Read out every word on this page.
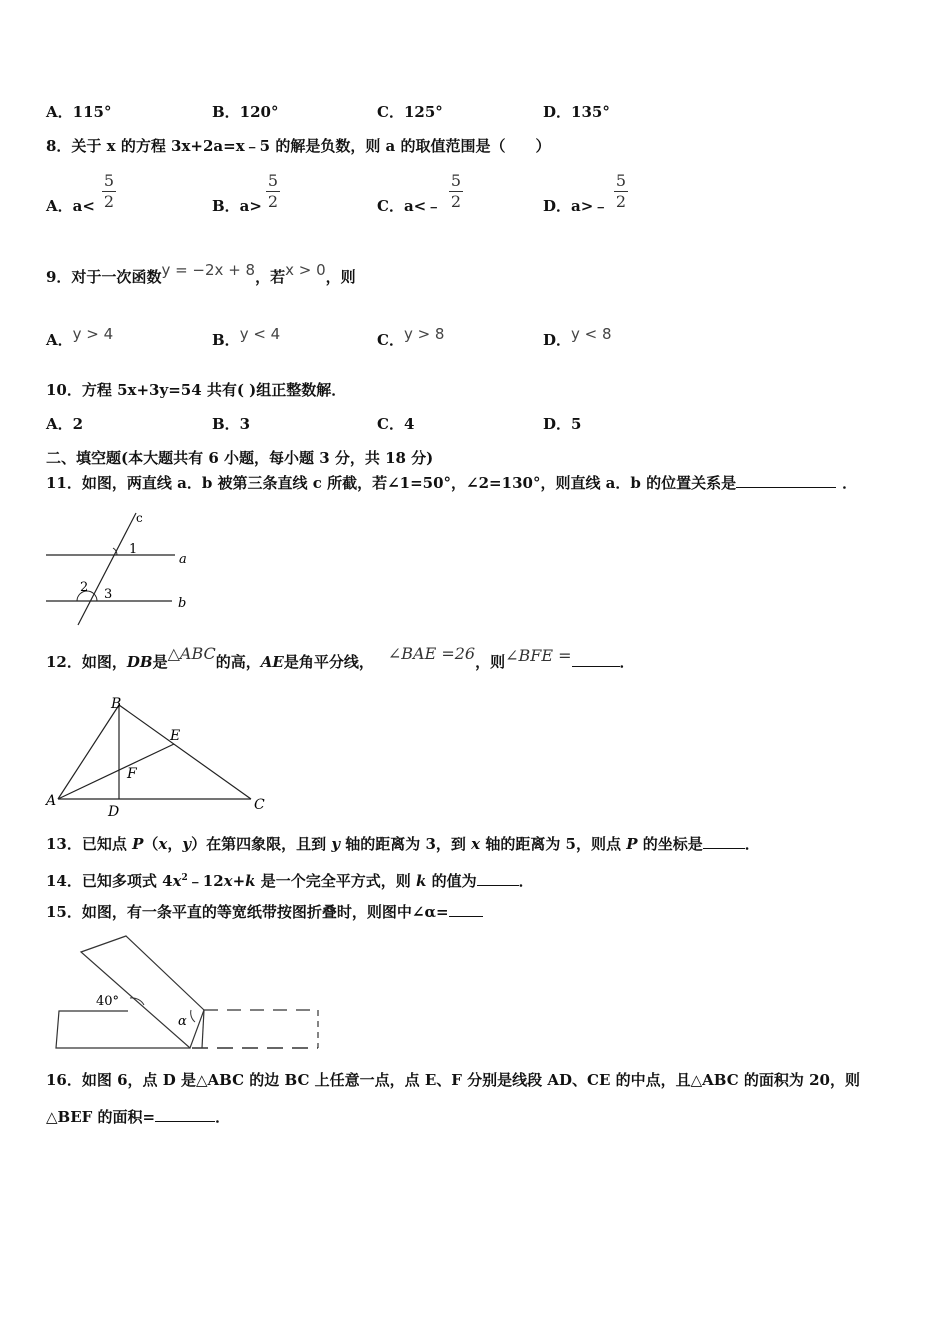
A．115°	B．120°	C．125°	D．135°
8．关于 x 的方程 3x+2a=x﹣5 的解是负数，则 a 的取值范围是（　　）
A．a<
5
2	B．a>
5
2	C．a<﹣
5
2	D．a>﹣
5
2
9．对于一次函数y = −2x + 8，若x > 0，则
A．y > 4	B．y < 4	C．y > 8	D．y < 8
10．方程 5x+3y=54 共有( )组正整数解．
A．2	B．3	C．4	D．5
二、填空题(本大题共有 6 小题，每小题 3 分，共 18 分)
11．如图，两直线 a．b 被第三条直线 c 所截，若∠1=50°，∠2=130°，则直线 a．b 的位置关系是	．
c
1
a
2 3
b
12．如图，DB是△ABC的高，AE是角平分线， ∠BAE =26，则∠BFE =	．
A
B
C
D
E
F
13．已知点 P（x，y）在第四象限，且到 y 轴的距离为 3，到 x 轴的距离为 5，则点 P 的坐标是	．
14．已知多项式 $4x^2﹣12x+k$ 是一个完全平方式，则 k 的值为	．
15．如图，有一条平直的等宽纸带按图折叠时，则图中∠α=
40°
α
16．如图 6，点 D 是△ABC 的边 BC 上任意一点，点 E、F 分别是线段 AD、CE 的中点，且△ABC 的面积为 20，则
△BEF 的面积=	．
